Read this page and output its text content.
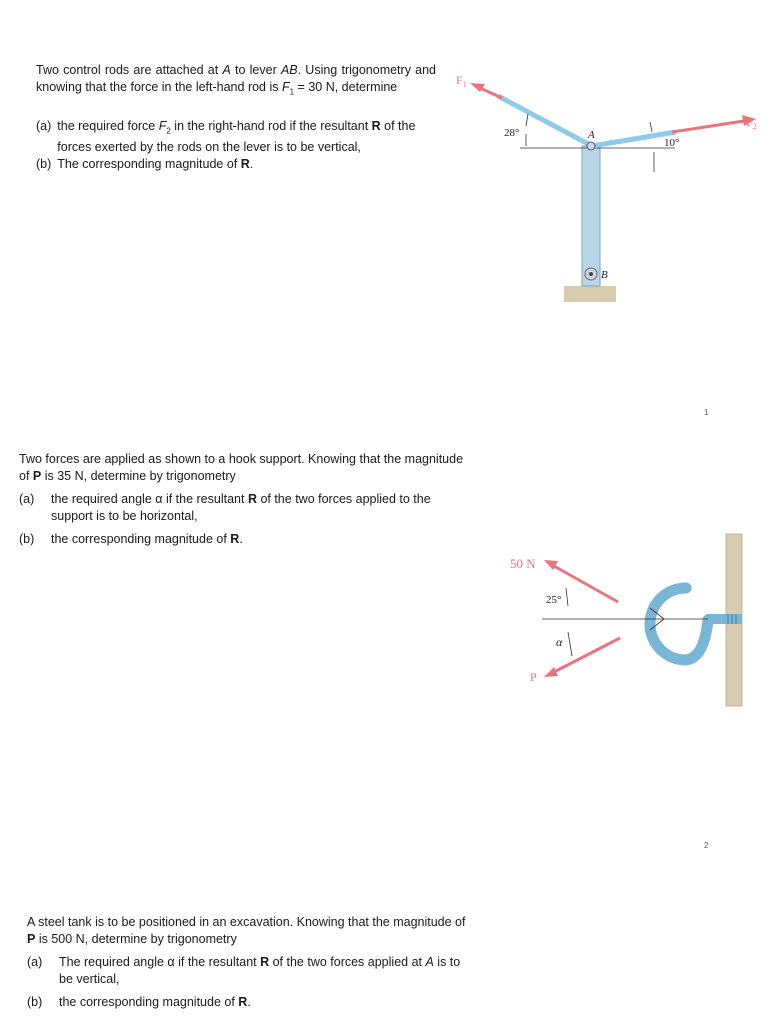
Two control rods are attached at A to lever AB. Using trigonometry and knowing that the force in the left-hand rod is $F_1 = 30$ N, determine

(a) the required force $F_2$ in the right-hand rod if the resultant R of the forces exerted by the rods on the lever is to be vertical,

(b) The corresponding magnitude of R.

$F_1$
$F_2$
28°
10°
A
B
1

Two forces are applied as shown to a hook support. Knowing that the magnitude of P is 35 N, determine by trigonometry

(a)	the required angle α if the resultant R of the two forces applied to the support is to be horizontal,

(b)	the corresponding magnitude of R.

50 N
25°
α
P
2

A steel tank is to be positioned in an excavation. Knowing that the magnitude of P is 500 N, determine by trigonometry

(a)	The required angle α if the resultant R of the two forces applied at A is to be vertical,

(b)	the corresponding magnitude of R.
